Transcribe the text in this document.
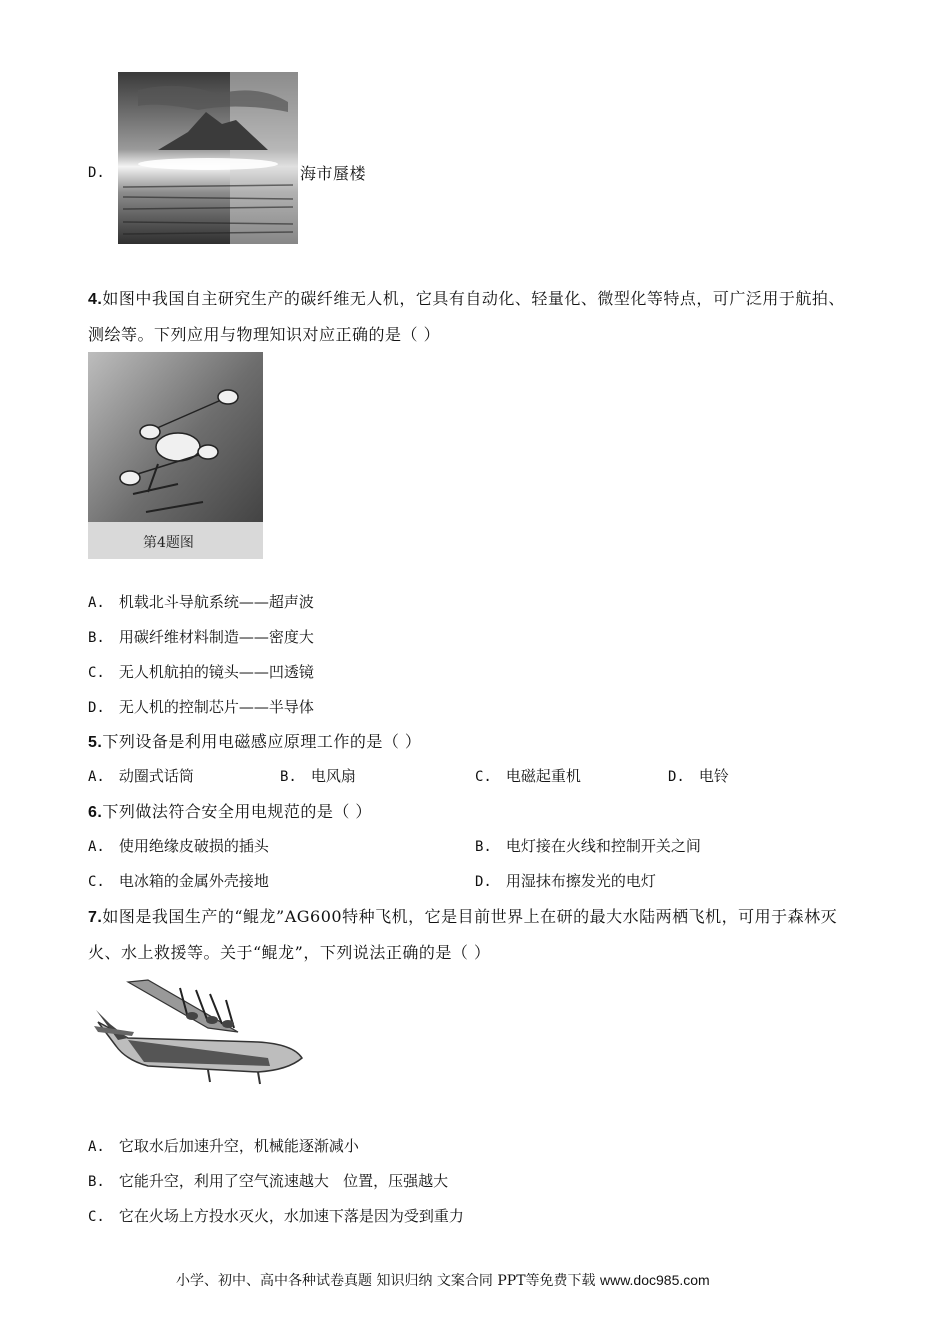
D.	海市蜃楼
4.如图中我国自主研究生产的碳纤维无人机，它具有自动化、轻量化、微型化等特点，可广泛用于航拍、
测绘等。下列应用与物理知识对应正确的是（ ）
第4题图
A. 机载北斗导航系统——超声波
B. 用碳纤维材料制造——密度大
C. 无人机航拍的镜头——凹透镜
D. 无人机的控制芯片——半导体
5.下列设备是利用电磁感应原理工作的是（ ）
A. 动圈式话筒	B. 电风扇	C. 电磁起重机	D. 电铃
6.下列做法符合安全用电规范的是（ ）
A. 使用绝缘皮破损的插头	B. 电灯接在火线和控制开关之间
C. 电冰箱的金属外壳接地	D. 用湿抹布擦发光的电灯
7.如图是我国生产的“鲲龙”AG600特种飞机，它是目前世界上在研的最大水陆两栖飞机，可用于森林灭
火、水上救援等。关于“鲲龙”，下列说法正确的是（ ）
A. 它取水后加速升空，机械能逐渐减小
B. 它能升空，利用了空气流速越大   位置，压强越大
C. 它在火场上方投水灭火，水加速下落是因为受到重力
小学、初中、高中各种试卷真题 知识归纳 文案合同 PPT等免费下载 www.doc985.com
